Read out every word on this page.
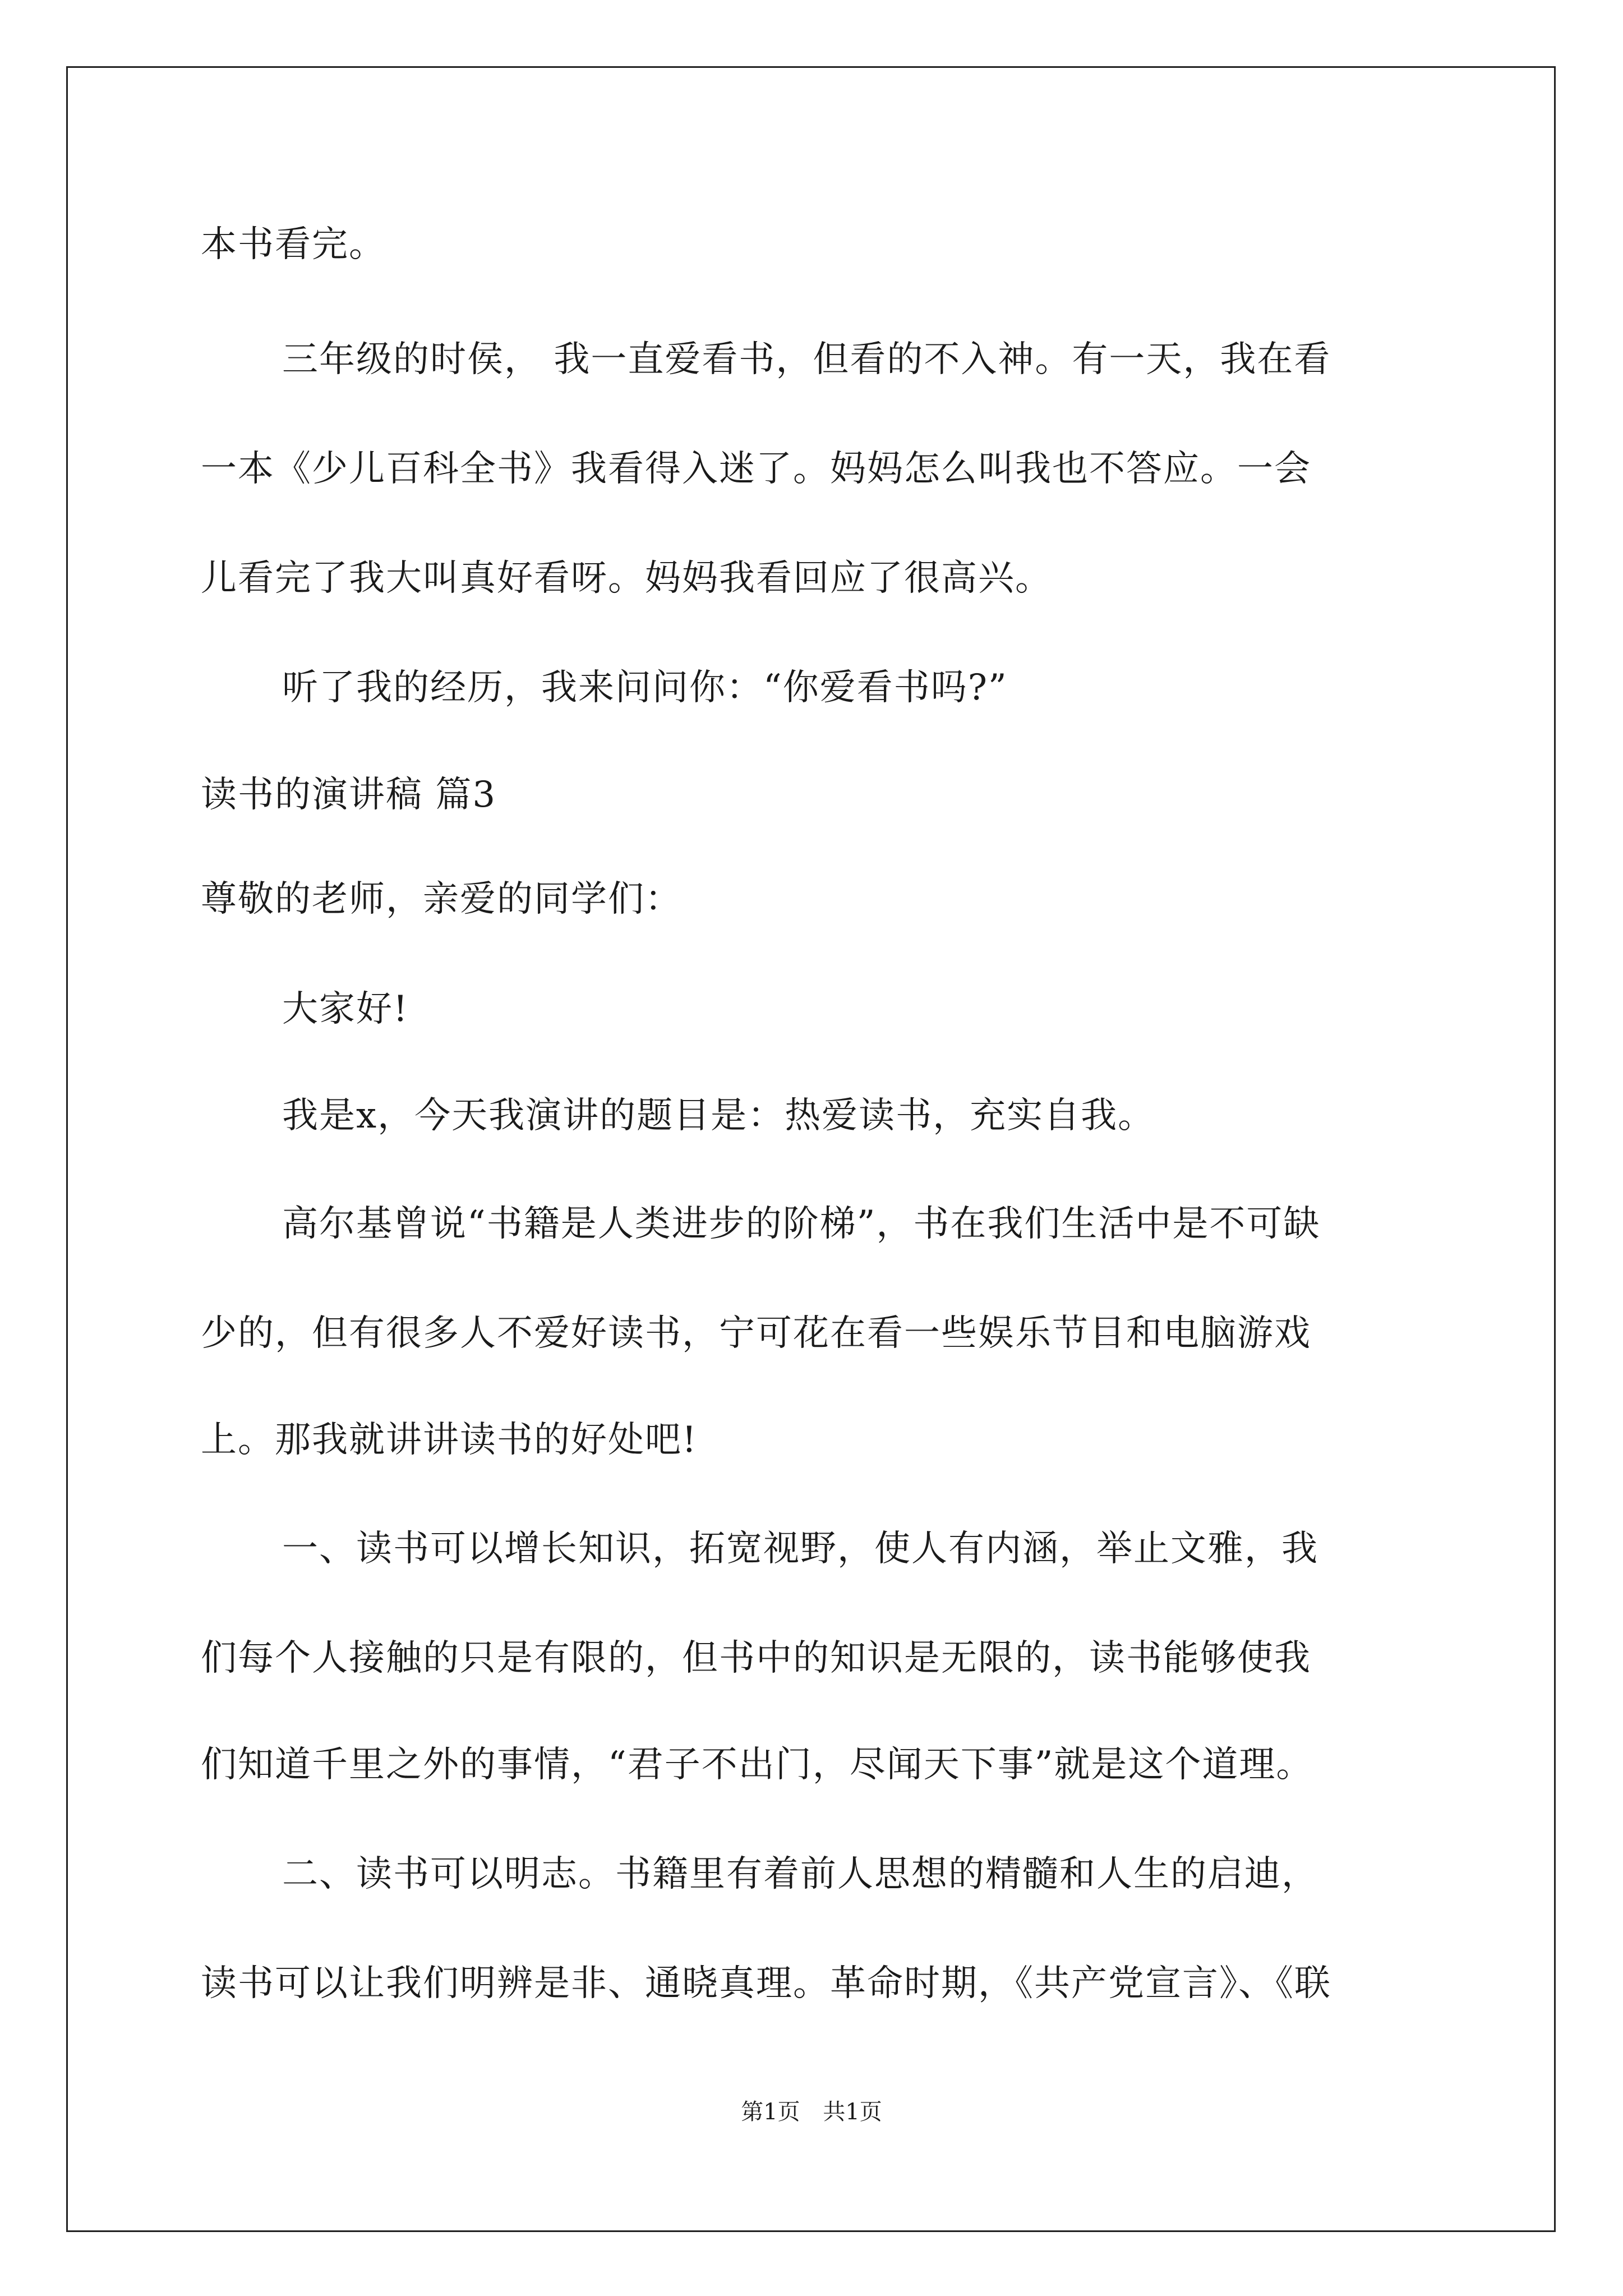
本书看完。
三年级的时侯， 我一直爱看书，但看的不入神。有一天，我在看
一本《少儿百科全书》我看得入迷了。妈妈怎么叫我也不答应。一会
儿看完了我大叫真好看呀。妈妈我看回应了很高兴。
听了我的经历，我来问问你：“你爱看书吗?”
读书的演讲稿 篇3
尊敬的老师，亲爱的同学们：
大家好!
我是x，今天我演讲的题目是：热爱读书，充实自我。
高尔基曾说“书籍是人类进步的阶梯”，书在我们生活中是不可缺
少的，但有很多人不爱好读书，宁可花在看一些娱乐节目和电脑游戏
上。那我就讲讲读书的好处吧!
一、读书可以增长知识，拓宽视野，使人有内涵，举止文雅，我
们每个人接触的只是有限的，但书中的知识是无限的，读书能够使我
们知道千里之外的事情，“君子不出门，尽闻天下事”就是这个道理。
二、读书可以明志。书籍里有着前人思想的精髓和人生的启迪，
读书可以让我们明辨是非、通晓真理。革命时期，《共产党宣言》、《联
第1页 共1页
